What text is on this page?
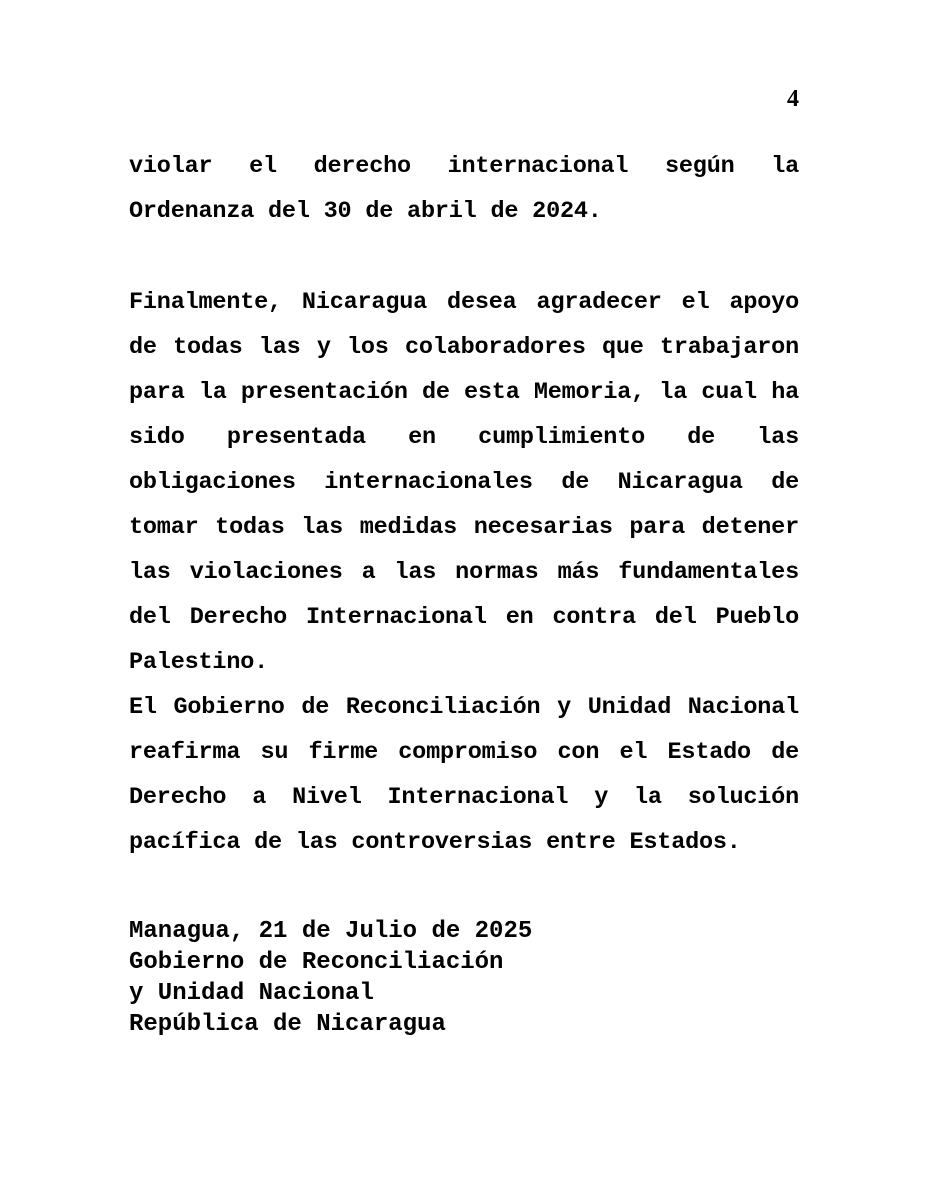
4
violar el derecho internacional según la Ordenanza del 30 de abril de 2024.
Finalmente, Nicaragua desea agradecer el apoyo de todas las y los colaboradores que trabajaron para la presentación de esta Memoria, la cual ha sido presentada en cumplimiento de las obligaciones internacionales de Nicaragua de tomar todas las medidas necesarias para detener las violaciones a las normas más fundamentales del Derecho Internacional en contra del Pueblo Palestino.
El Gobierno de Reconciliación y Unidad Nacional reafirma su firme compromiso con el Estado de Derecho a Nivel Internacional y la solución pacífica de las controversias entre Estados.
Managua, 21 de Julio de 2025
Gobierno de Reconciliación
y Unidad Nacional
República de Nicaragua
